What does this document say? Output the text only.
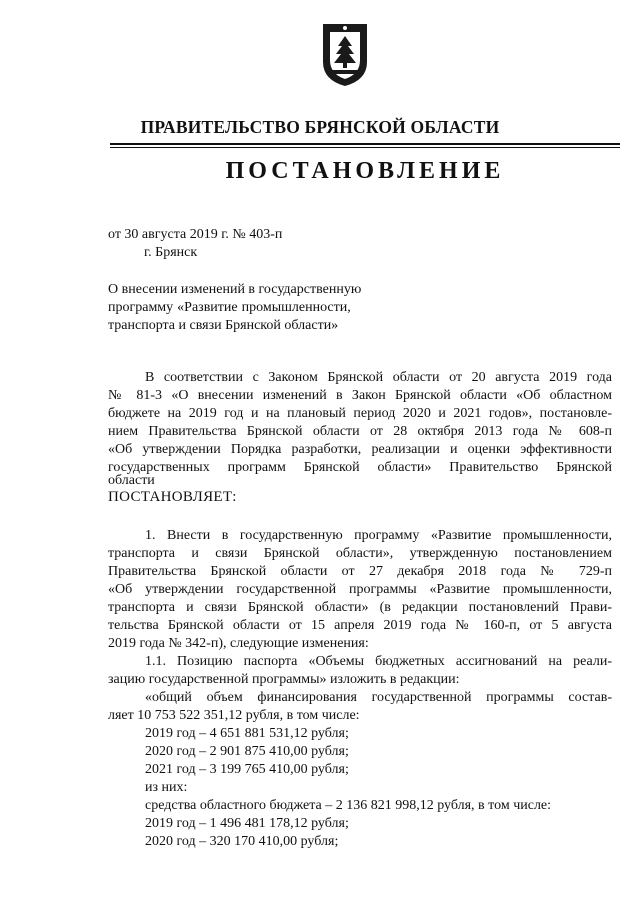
ПРАВИТЕЛЬСТВО БРЯНСКОЙ ОБЛАСТИ
ПОСТАНОВЛЕНИЕ
от 30 августа 2019 г. № 403-п
г. Брянск
О внесении изменений в государственную
программу «Развитие промышленности,
транспорта и связи Брянской области»
В соответствии с Законом Брянской области от 20 августа 2019 года
№ 81-3 «О внесении изменений в Закон Брянской области «Об областном
бюджете на 2019 год и на плановый период 2020 и 2021 годов», постановле-
нием Правительства Брянской области от 28 октября 2013 года № 608-п
«Об утверждении Порядка разработки, реализации и оценки эффективности
государственных программ Брянской области» Правительство Брянской
области
ПОСТАНОВЛЯЕТ:
1. Внести в государственную программу «Развитие промышленности,
транспорта и связи Брянской области», утвержденную постановлением
Правительства Брянской области от 27 декабря 2018 года № 729-п
«Об утверждении государственной программы «Развитие промышленности,
транспорта и связи Брянской области» (в редакции постановлений Прави-
тельства Брянской области от 15 апреля 2019 года № 160-п, от 5 августа
2019 года № 342-п), следующие изменения:
1.1. Позицию паспорта «Объемы бюджетных ассигнований на реали-
зацию государственной программы» изложить в редакции:
«общий объем финансирования государственной программы состав-
ляет 10 753 522 351,12 рубля, в том числе:
2019 год – 4 651 881 531,12 рубля;
2020 год – 2 901 875 410,00 рубля;
2021 год – 3 199 765 410,00 рубля;
из них:
средства областного бюджета – 2 136 821 998,12 рубля, в том числе:
2019 год – 1 496 481 178,12 рубля;
2020 год – 320 170 410,00 рубля;
